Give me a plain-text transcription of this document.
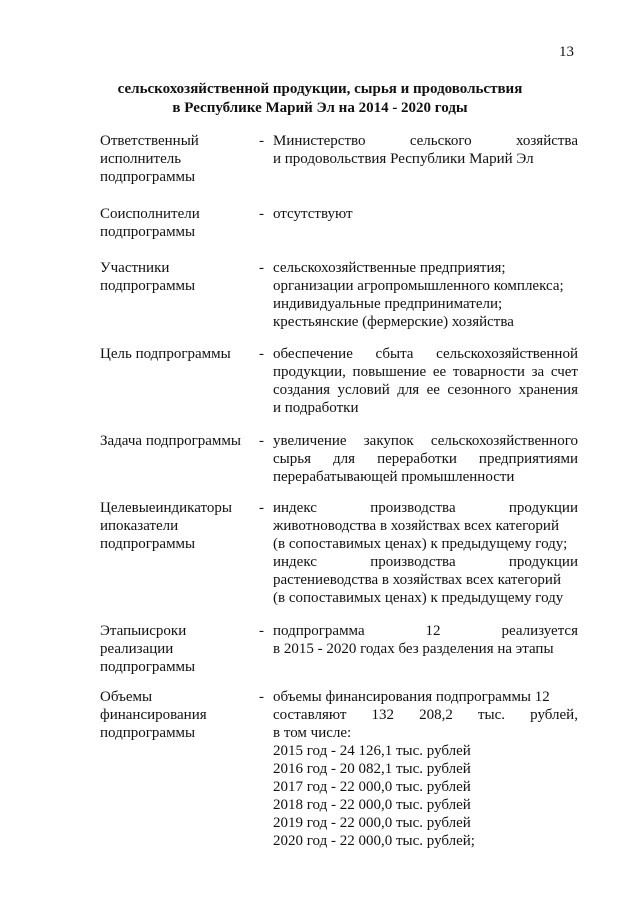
13
сельскохозяйственной продукции, сырья и продовольствия
в Республике Марий Эл на 2014 - 2020 годы
Ответственный
исполнитель
подпрограммы
- Министерство	сельского	хозяйства
и продовольствия Республики Марий Эл
Соисполнители
подпрограммы
- отсутствуют
Участники
подпрограммы
- сельскохозяйственные предприятия;
организации агропромышленного комплекса;
индивидуальные предприниматели;
крестьянские (фермерские) хозяйства
Цель подпрограммы	- обеспечение сбыта сельскохозяйственной
продукции, повышение ее товарности за счет
создания условий для ее сезонного хранения
и подработки
Задача подпрограммы	- увеличение закупок сельскохозяйственного
сырья для переработки предприятиями
перерабатывающей промышленности
Целевыеиндикаторы
ипоказатели
подпрограммы
- индекс	производства	продукции
животноводства в хозяйствах всех категорий
(в сопоставимых ценах) к предыдущему году;
индекс	производства	продукции
растениеводства в хозяйствах всех категорий
(в сопоставимых ценах) к предыдущему году
Этапыисроки
реализации
подпрограммы
- подпрограмма	12	реализуется
в 2015 - 2020 годах без разделения на этапы
Объемы
финансирования
подпрограммы
- объемы финансирования подпрограммы 12
составляют 132 208,2 тыс. рублей,
в том числе:
2015 год - 24 126,1 тыс. рублей
2016 год - 20 082,1 тыс. рублей
2017 год - 22 000,0 тыс. рублей
2018 год - 22 000,0 тыс. рублей
2019 год - 22 000,0 тыс. рублей
2020 год - 22 000,0 тыс. рублей;
